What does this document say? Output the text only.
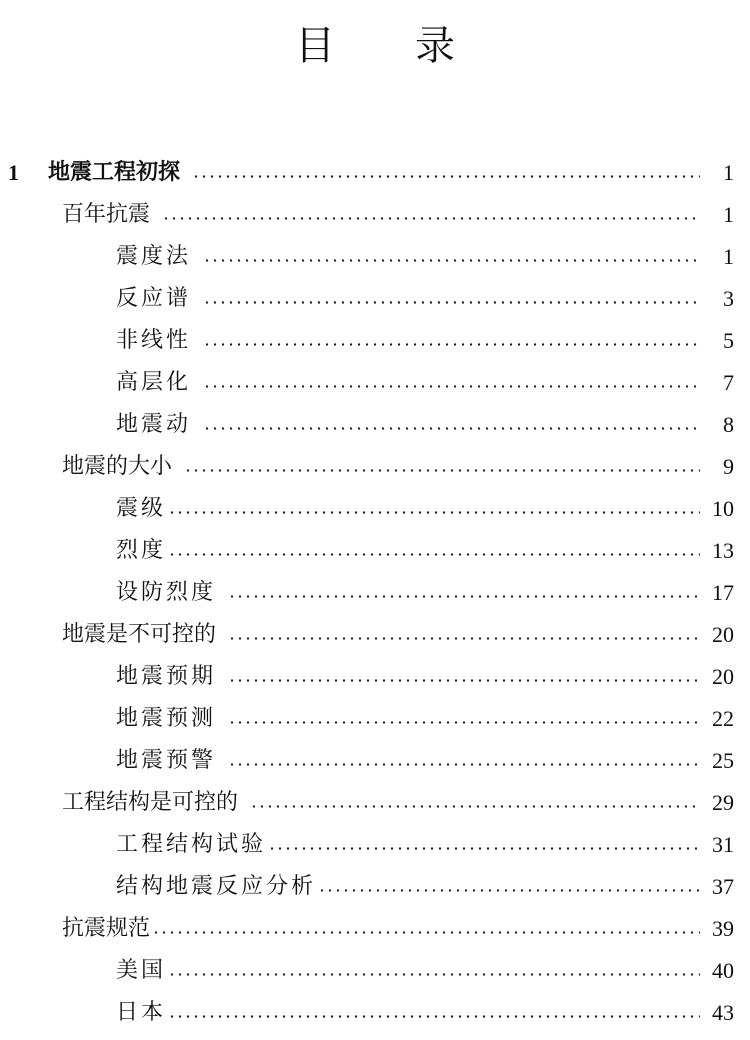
目 录
1	地震工程初探	1
百年抗震	1
震度法	1
反应谱	3
非线性	5
高层化	7
地震动	8
地震的大小	9
震级	10
烈度	13
设防烈度	17
地震是不可控的	20
地震预期	20
地震预测	22
地震预警	25
工程结构是可控的	29
工程结构试验	31
结构地震反应分析	37
抗震规范	39
美国	40
日本	43
